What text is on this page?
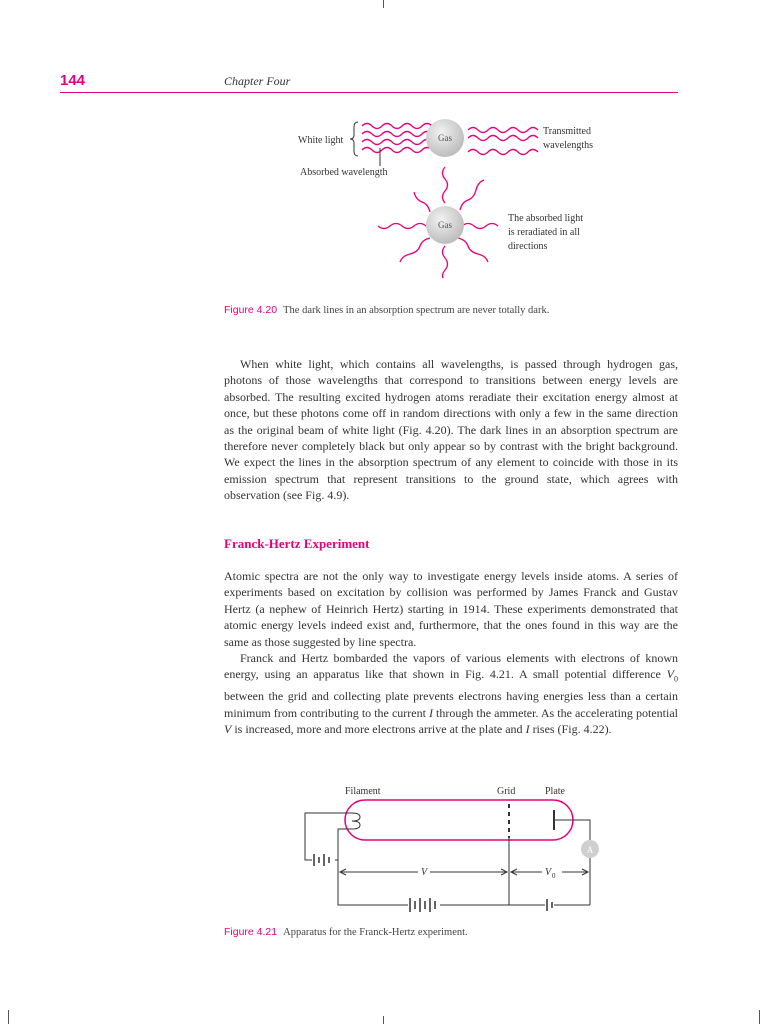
144	Chapter Four
Gas
Gas
White light
Absorbed wavelength
Transmitted
wavelengths
The absorbed light
is reradiated in all
directions
Figure 4.20 The dark lines in an absorption spectrum are never totally dark.

When white light, which contains all wavelengths, is passed through hydrogen gas, photons of those wavelengths that correspond to transitions between energy levels are absorbed. The resulting excited hydrogen atoms reradiate their excitation energy almost at once, but these photons come off in random directions with only a few in the same direction as the original beam of white light (Fig. 4.20). The dark lines in an absorption spectrum are therefore never completely black but only appear so by contrast with the bright background. We expect the lines in the absorption spectrum of any element to coincide with those in its emission spectrum that represent transitions to the ground state, which agrees with observation (see Fig. 4.9).

Franck-Hertz Experiment

Atomic spectra are not the only way to investigate energy levels inside atoms. A series of experiments based on excitation by collision was performed by James Franck and Gustav Hertz (a nephew of Heinrich Hertz) starting in 1914. These experiments demonstrated that atomic energy levels indeed exist and, furthermore, that the ones found in this way are the same as those suggested by line spectra.

Franck and Hertz bombarded the vapors of various elements with electrons of known energy, using an apparatus like that shown in Fig. 4.21. A small potential difference $V_0$ between the grid and collecting plate prevents electrons having energies less than a certain minimum from contributing to the current I through the ammeter. As the accelerating potential V is increased, more and more electrons arrive at the plate and I rises (Fig. 4.22).

Filament	Grid	Plate
A
V	V 0
Figure 4.21 Apparatus for the Franck-Hertz experiment.
